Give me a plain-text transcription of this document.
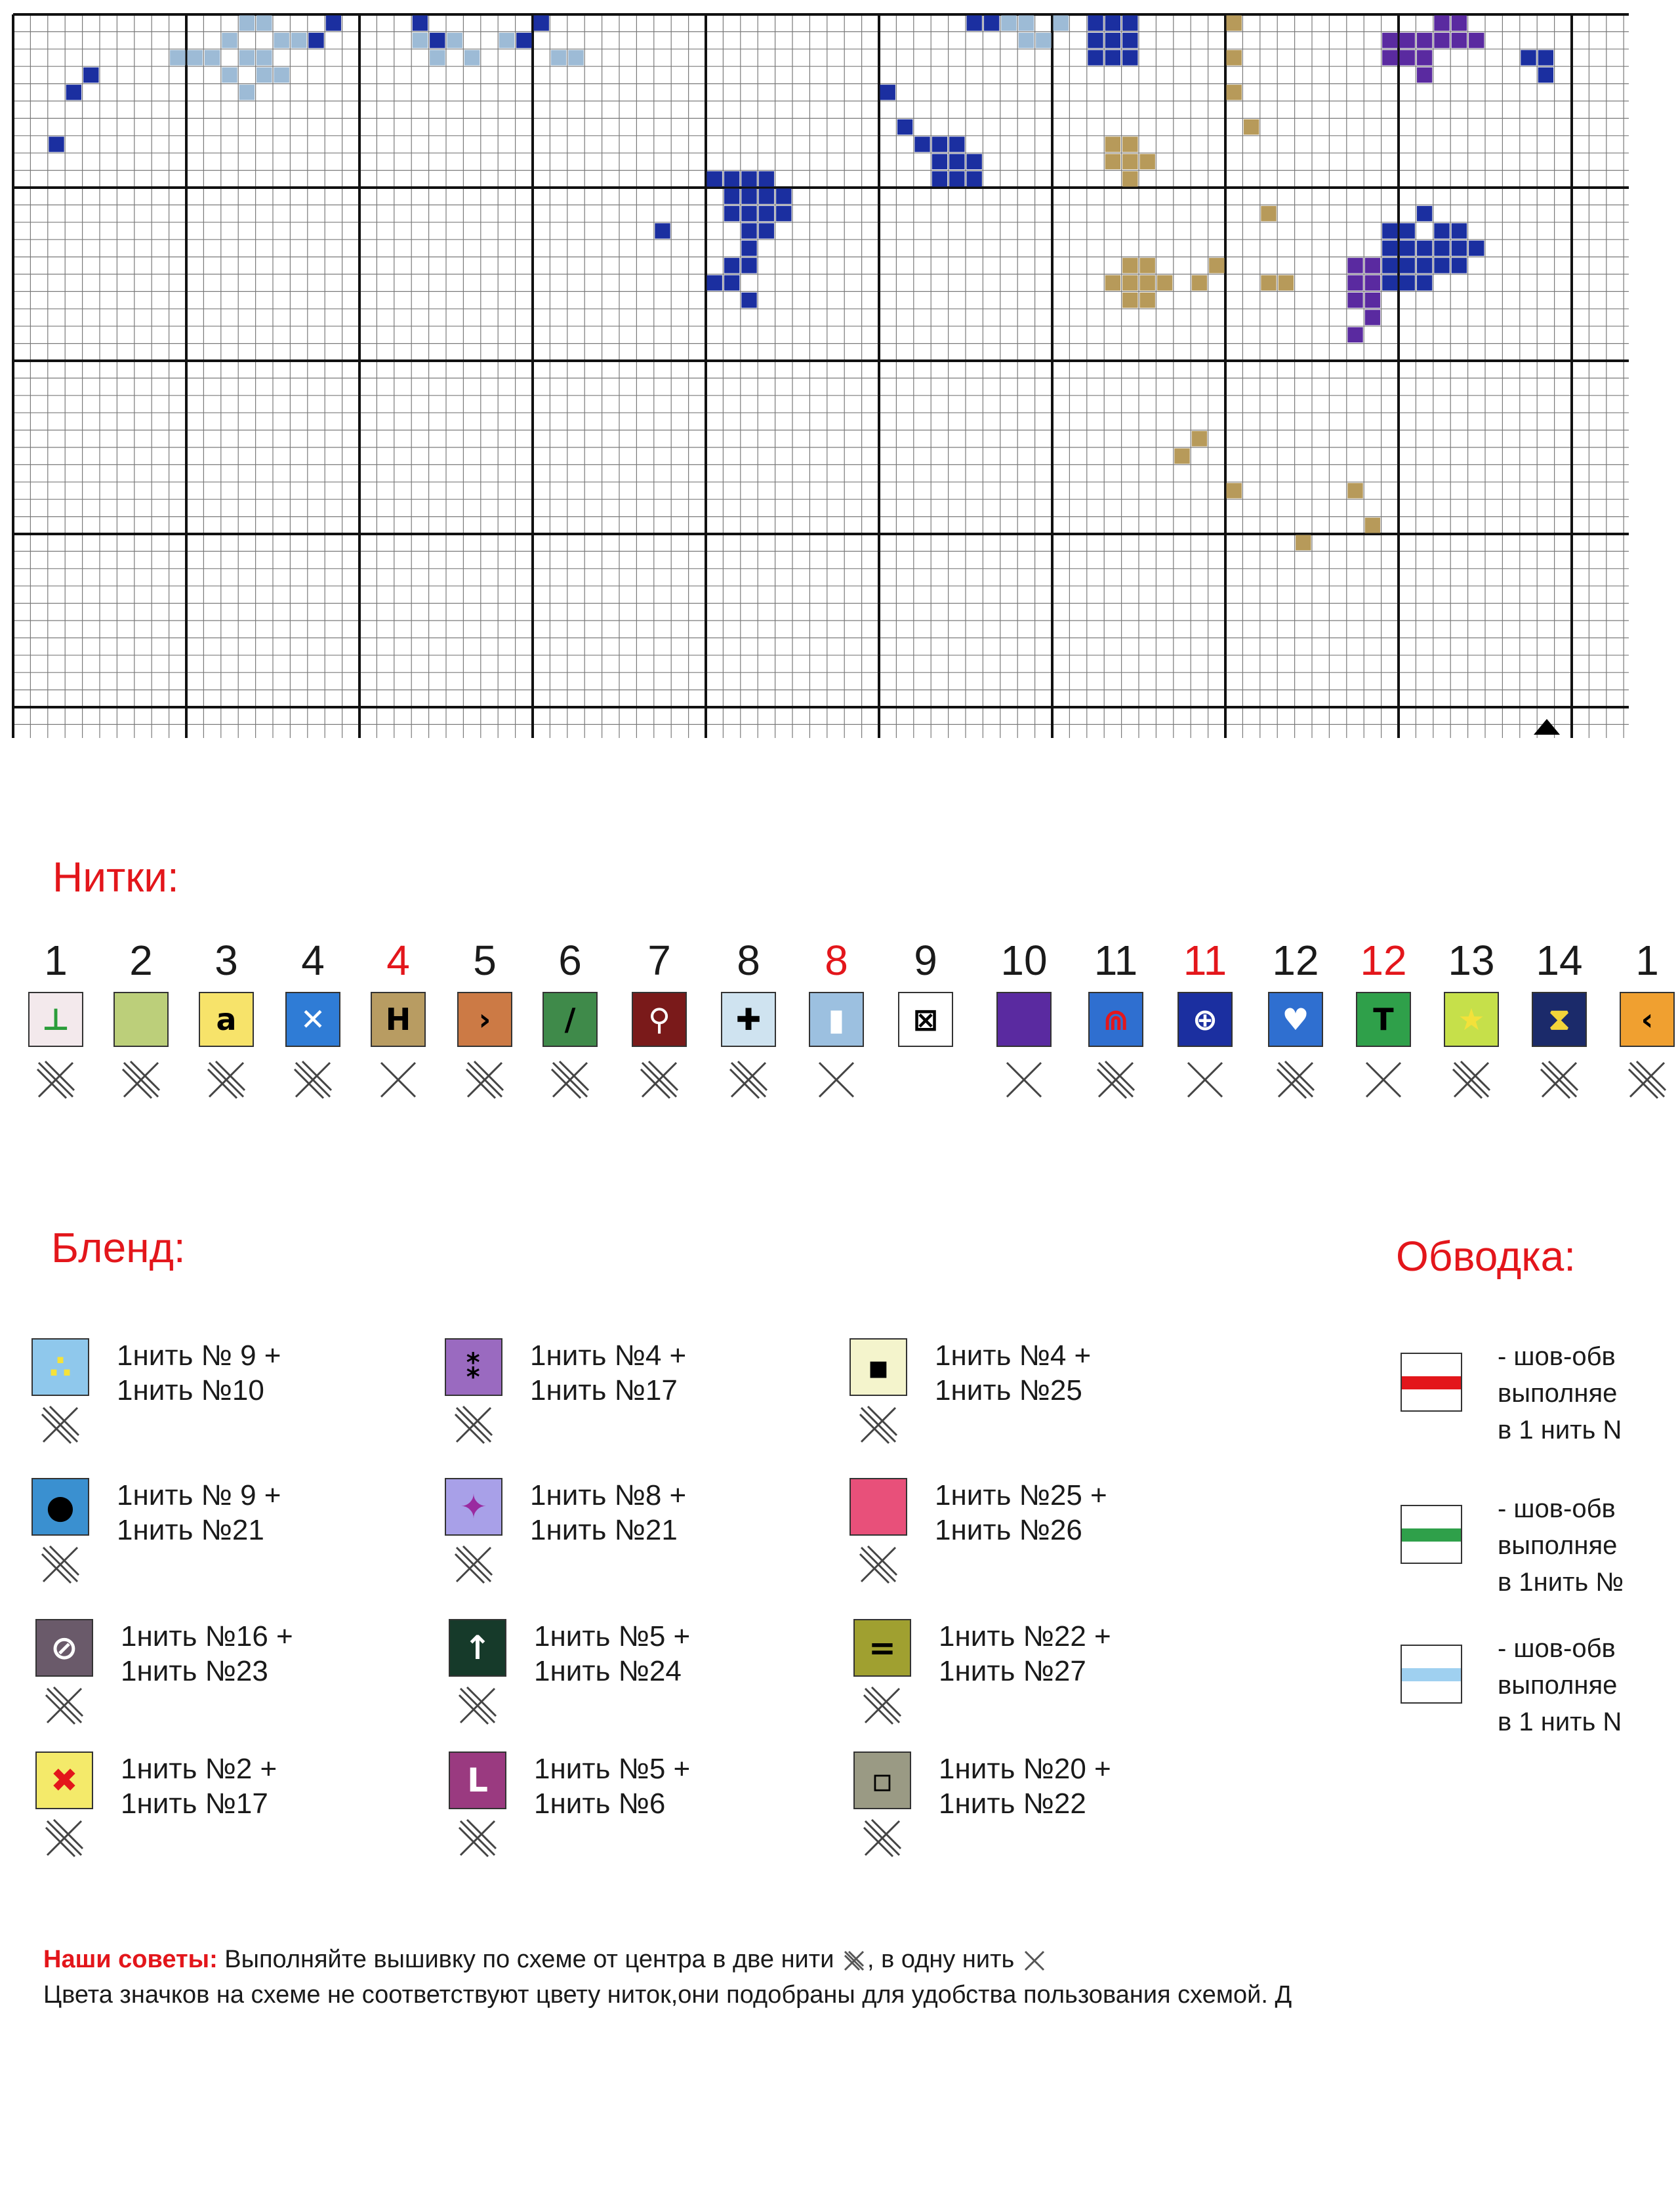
Нитки:
1
⊥
2	3
a
4
✕
4
H
5
›
6
/
7
⚲
8
✚
8
▮
9
⊠
10 11
⋒
11
⊕
12
♥
12
T
13
★
14
⧗
1
‹
Бленд:
∴	1нить № 9 +
1нить №10
⁑	1нить №4 +
1нить №17
▪	1нить №4 +
1нить №25
●	1нить № 9 +
1нить №21
✦	1нить №8 +
1нить №21
1нить №25 +
1нить №26
⊘	1нить №16 +
1нить №23
↑	1нить №5 +
1нить №24
=	1нить №22 +
1нить №27
✖	1нить №2 +
1нить №17
L	1нить №5 +
1нить №6
▫	1нить №20 +
1нить №22
Обводка:
- шов-обв
выполняе
в 1 нить N
- шов-обв
выполняе
в 1нить №
- шов-обв
выполняе
в 1 нить N
Наши советы: Выполняйте вышивку по схеме от центра в две нити , в одну нить
Цвета значков на схеме не соответствуют цвету ниток,они подобраны для удобства пользования схемой. Д
